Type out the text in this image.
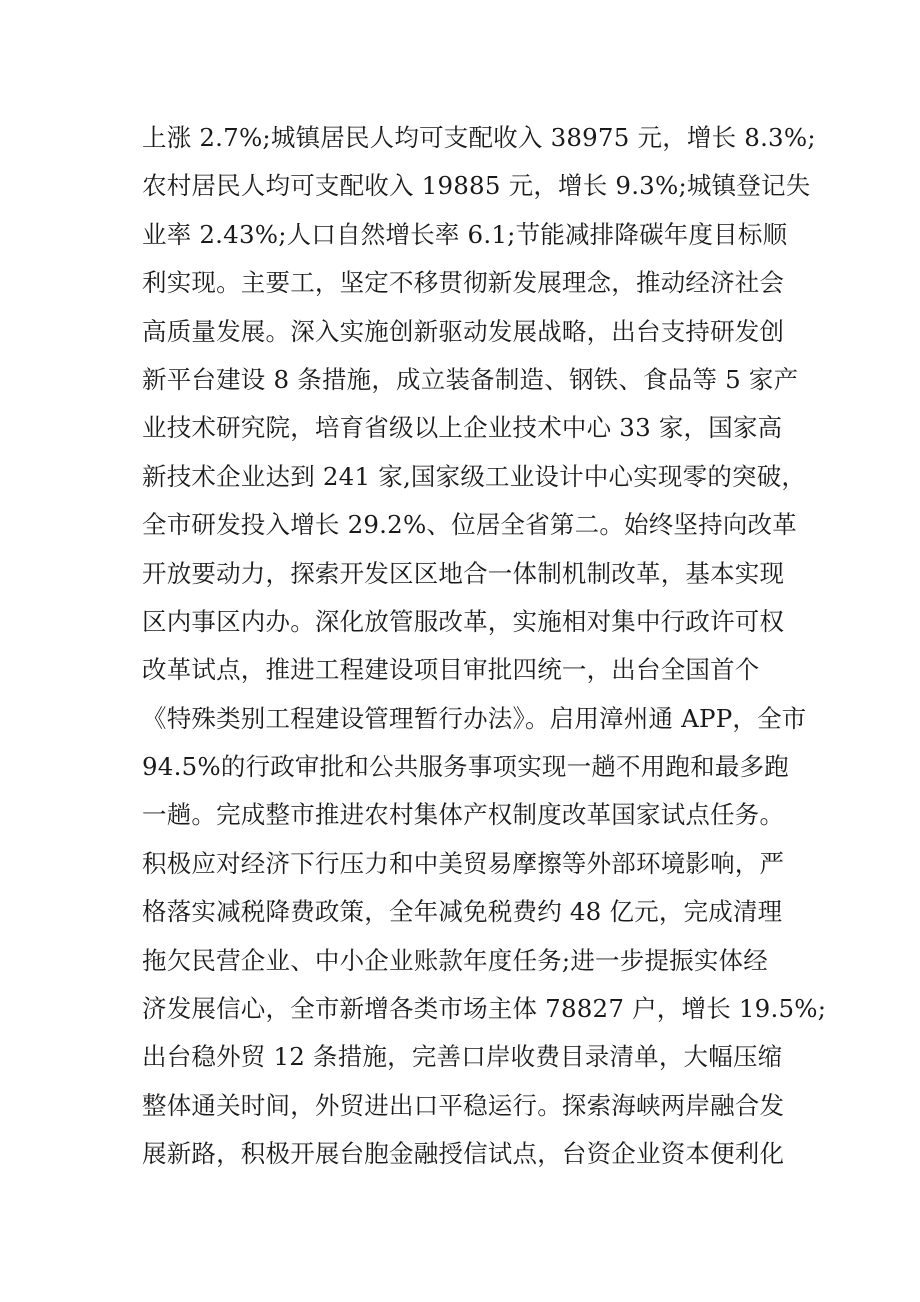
上涨 2.7%;城镇居民人均可支配收入 38975 元，增长 8.3%;
农村居民人均可支配收入 19885 元，增长 9.3%;城镇登记失
业率 2.43%;人口自然增长率 6.1;节能减排降碳年度目标顺
利实现。主要工，坚定不移贯彻新发展理念，推动经济社会
高质量发展。深入实施创新驱动发展战略，出台支持研发创
新平台建设 8 条措施，成立装备制造、钢铁、食品等 5 家产
业技术研究院，培育省级以上企业技术中心 33 家，国家高
新技术企业达到 241 家,国家级工业设计中心实现零的突破，
全市研发投入增长 29.2%、位居全省第二。始终坚持向改革
开放要动力，探索开发区区地合一体制机制改革，基本实现
区内事区内办。深化放管服改革，实施相对集中行政许可权
改革试点，推进工程建设项目审批四统一，出台全国首个
《特殊类别工程建设管理暂行办法》。启用漳州通 APP，全市
94.5%的行政审批和公共服务事项实现一趟不用跑和最多跑
一趟。完成整市推进农村集体产权制度改革国家试点任务。
积极应对经济下行压力和中美贸易摩擦等外部环境影响，严
格落实减税降费政策，全年减免税费约 48 亿元，完成清理
拖欠民营企业、中小企业账款年度任务;进一步提振实体经
济发展信心，全市新增各类市场主体 78827 户，增长 19.5%;
出台稳外贸 12 条措施，完善口岸收费目录清单，大幅压缩
整体通关时间，外贸进出口平稳运行。探索海峡两岸融合发
展新路，积极开展台胞金融授信试点，台资企业资本便利化
